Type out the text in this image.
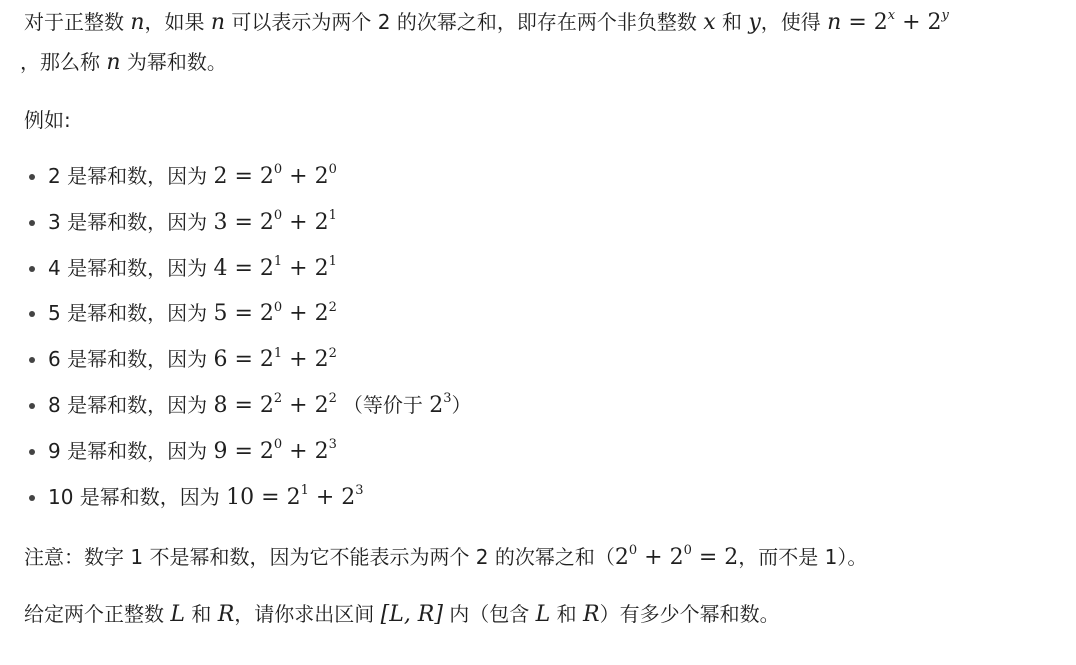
对于正整数 n，如果 n 可以表示为两个 2 的次幂之和，即存在两个非负整数 x 和 y，使得 $n = 2^x + 2^y$
，那么称 n 为幂和数。
例如:
2 是幂和数，因为 $2 = 2^0 + 2^0$
3 是幂和数，因为 $3 = 2^0 + 2^1$
4 是幂和数，因为 $4 = 2^1 + 2^1$
5 是幂和数，因为 $5 = 2^0 + 2^2$
6 是幂和数，因为 $6 = 2^1 + 2^2$
8 是幂和数，因为 $8 = 2^2 + 2^2$ （等价于 $2^3$）
9 是幂和数，因为 $9 = 2^0 + 2^3$
10 是幂和数，因为 $10 = 2^1 + 2^3$
注意：数字 1 不是幂和数，因为它不能表示为两个 2 的次幂之和（$2^0 + 2^0 = 2$，而不是 1）。
给定两个正整数 L 和 R，请你求出区间 [L, R] 内（包含 L 和 R）有多少个幂和数。
